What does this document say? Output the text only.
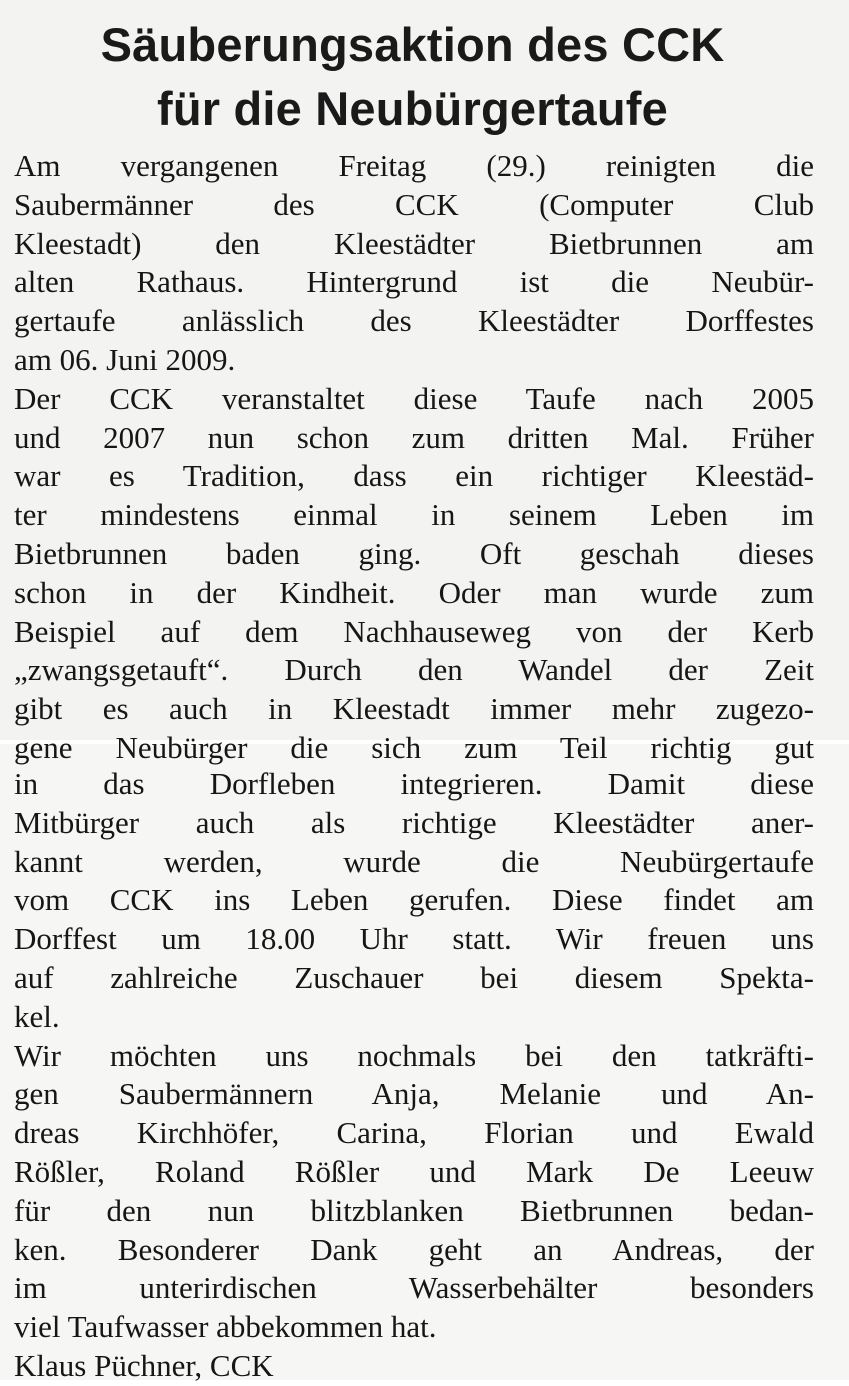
Säuberungsaktion des CCK
für die Neubürgertaufe
Am vergangenen Freitag (29.) reinigten die
Saubermänner des CCK (Computer Club
Kleestadt) den Kleestädter Bietbrunnen am
alten Rathaus. Hintergrund ist die Neubür-
gertaufe anlässlich des Kleestädter Dorffestes
am 06. Juni 2009.
Der CCK veranstaltet diese Taufe nach 2005
und 2007 nun schon zum dritten Mal. Früher
war es Tradition, dass ein richtiger Kleestäd-
ter mindestens einmal in seinem Leben im
Bietbrunnen baden ging. Oft geschah dieses
schon in der Kindheit. Oder man wurde zum
Beispiel auf dem Nachhauseweg von der Kerb
„zwangsgetauft“. Durch den Wandel der Zeit
gibt es auch in Kleestadt immer mehr zugezo-
gene Neubürger die sich zum Teil richtig gut
in das Dorfleben integrieren. Damit diese
Mitbürger auch als richtige Kleestädter aner-
kannt werden, wurde die Neubürgertaufe
vom CCK ins Leben gerufen. Diese findet am
Dorffest um 18.00 Uhr statt. Wir freuen uns
auf zahlreiche Zuschauer bei diesem Spekta-
kel.
Wir möchten uns nochmals bei den tatkräfti-
gen Saubermännern Anja, Melanie und An-
dreas Kirchhöfer, Carina, Florian und Ewald
Rößler, Roland Rößler und Mark De Leeuw
für den nun blitzblanken Bietbrunnen bedan-
ken. Besonderer Dank geht an Andreas, der
im unterirdischen Wasserbehälter besonders
viel Taufwasser abbekommen hat.
Klaus Püchner, CCK
